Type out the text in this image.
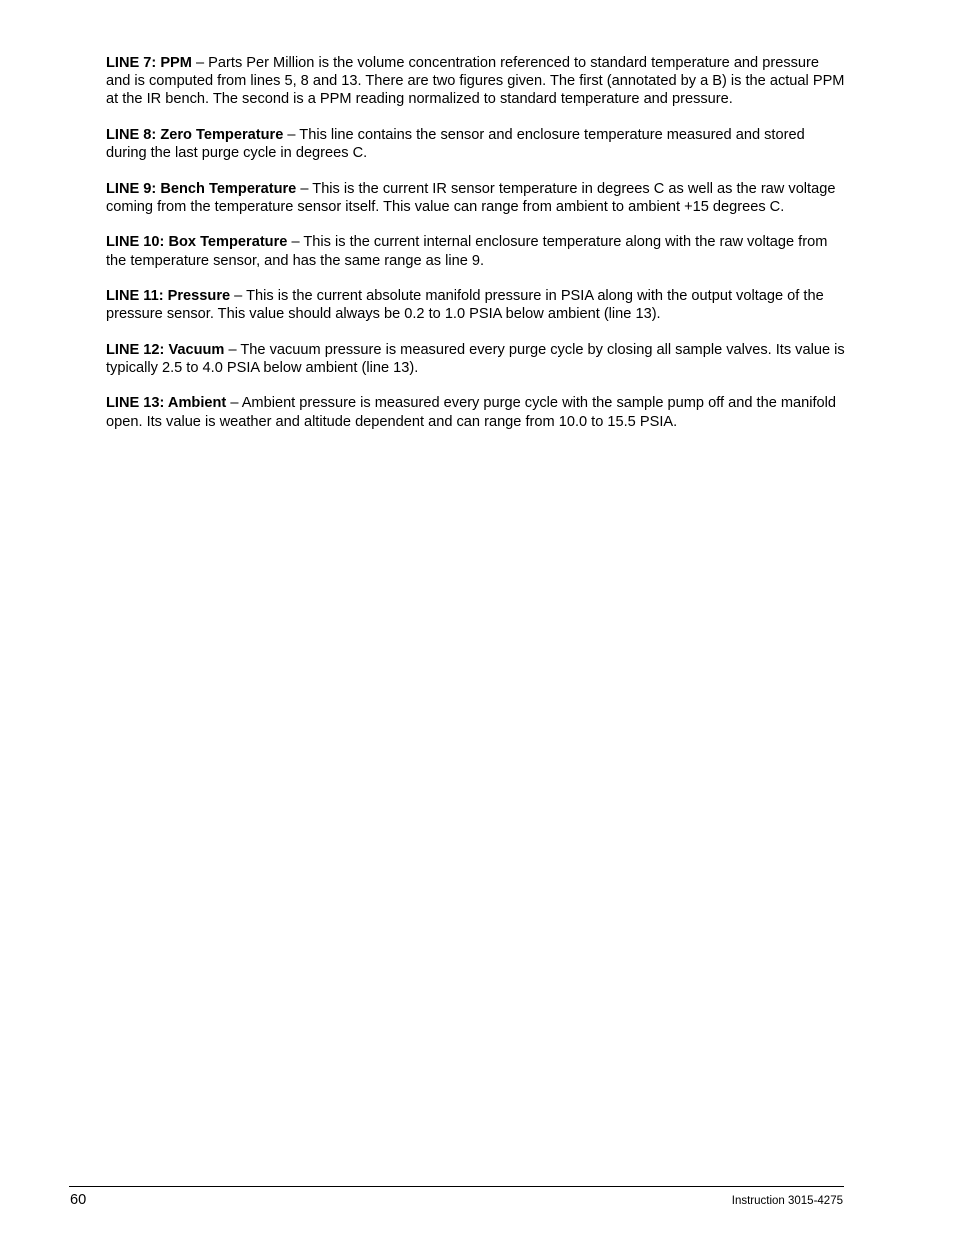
LINE 7: PPM – Parts Per Million is the volume concentration referenced to standard temperature and pressure and is computed from lines 5, 8 and 13. There are two figures given. The first (annotated by a B) is the actual PPM at the IR bench. The second is a PPM reading normalized to standard temperature and pressure.

LINE 8: Zero Temperature – This line contains the sensor and enclosure temperature measured and stored during the last purge cycle in degrees C.

LINE 9: Bench Temperature – This is the current IR sensor temperature in degrees C as well as the raw voltage coming from the temperature sensor itself. This value can range from ambient to ambient +15 degrees C.

LINE 10: Box Temperature – This is the current internal enclosure temperature along with the raw voltage from the temperature sensor, and has the same range as line 9.

LINE 11: Pressure – This is the current absolute manifold pressure in PSIA along with the output voltage of the pressure sensor. This value should always be 0.2 to 1.0 PSIA below ambient (line 13).

LINE 12: Vacuum – The vacuum pressure is measured every purge cycle by closing all sample valves. Its value is typically 2.5 to 4.0 PSIA below ambient (line 13).

LINE 13: Ambient – Ambient pressure is measured every purge cycle with the sample pump off and the manifold open. Its value is weather and altitude dependent and can range from 10.0 to 15.5 PSIA.

60	Instruction 3015-4275
